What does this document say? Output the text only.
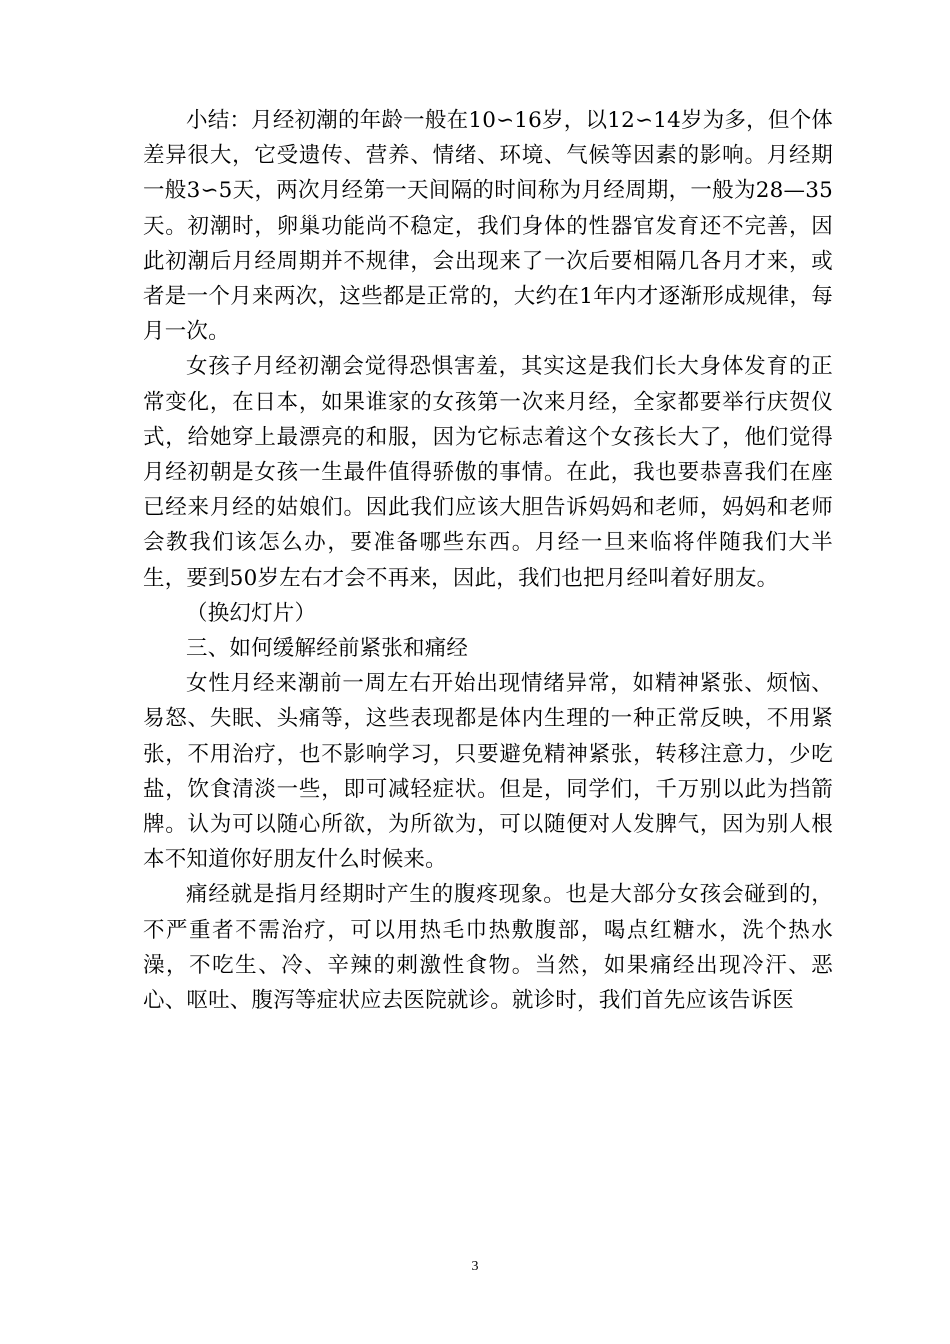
小结：月经初潮的年龄一般在10∽16岁，以12∽14岁为多，但个体差异很大，它受遗传、营养、情绪、环境、气候等因素的影响。月经期一般3∽5天，两次月经第一天间隔的时间称为月经周期，一般为28—35天。初潮时，卵巢功能尚不稳定，我们身体的性器官发育还不完善，因此初潮后月经周期并不规律，会出现来了一次后要相隔几各月才来，或者是一个月来两次，这些都是正常的，大约在1年内才逐渐形成规律，每月一次。

女孩子月经初潮会觉得恐惧害羞，其实这是我们长大身体发育的正常变化，在日本，如果谁家的女孩第一次来月经，全家都要举行庆贺仪式，给她穿上最漂亮的和服，因为它标志着这个女孩长大了，他们觉得月经初朝是女孩一生最件值得骄傲的事情。在此，我也要恭喜我们在座已经来月经的姑娘们。因此我们应该大胆告诉妈妈和老师，妈妈和老师会教我们该怎么办，要准备哪些东西。月经一旦来临将伴随我们大半生，要到50岁左右才会不再来，因此，我们也把月经叫着好朋友。

（换幻灯片）

三、如何缓解经前紧张和痛经

女性月经来潮前一周左右开始出现情绪异常，如精神紧张、烦恼、易怒、失眠、头痛等，这些表现都是体内生理的一种正常反映，不用紧张，不用治疗，也不影响学习，只要避免精神紧张，转移注意力，少吃盐，饮食清淡一些，即可减轻症状。但是，同学们，千万别以此为挡箭牌。认为可以随心所欲，为所欲为，可以随便对人发脾气，因为别人根本不知道你好朋友什么时候来。

痛经就是指月经期时产生的腹疼现象。也是大部分女孩会碰到的，不严重者不需治疗，可以用热毛巾热敷腹部，喝点红糖水，洗个热水澡，不吃生、冷、辛辣的刺激性食物。当然，如果痛经出现冷汗、恶心、呕吐、腹泻等症状应去医院就诊。就诊时，我们首先应该告诉医

3
